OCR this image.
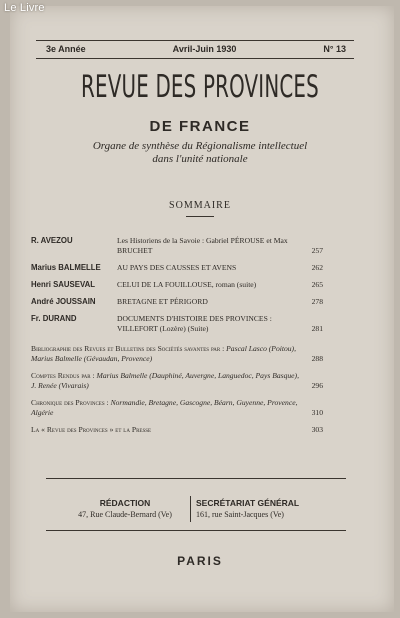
Le Livre
3e Année	Avril-Juin 1930	N° 13
REVUE DES PROVINCES
DE FRANCE
Organe de synthèse du Régionalisme intellectuel
dans l'unité nationale
SOMMAIRE
R. AVEZOU	Les Historiens de la Savoie : Gabriel PÉROUSE et Max BRUCHET	257
Marius BALMELLE	AU PAYS DES CAUSSES ET AVENS	262
Henri SAUSEVAL	CELUI DE LA FOUILLOUSE, roman (suite)	265
André JOUSSAIN	BRETAGNE ET PÉRIGORD	278
Fr. DURAND	DOCUMENTS D'HISTOIRE DES PROVINCES : VILLEFORT (Lozère) (Suite)	281
Bibliographie des Revues et Bulletins des Sociétés savantes par : Pascal Lasco (Poitou), Marius Balmelle (Gévaudan, Provence)	288
Comptes Rendus par : Marius Balmelle (Dauphiné, Auvergne, Languedoc, Pays Basque), J. Renée (Vivarais)	296
Chronique des Provinces : Normandie, Bretagne, Gascogne, Béarn, Guyenne, Provence, Algérie	310
La « Revue des Provinces » et la Presse	303
RÉDACTION
47, Rue Claude-Bernard (Ve)
SECRÉTARIAT GÉNÉRAL
161, rue Saint-Jacques (Ve)
PARIS
